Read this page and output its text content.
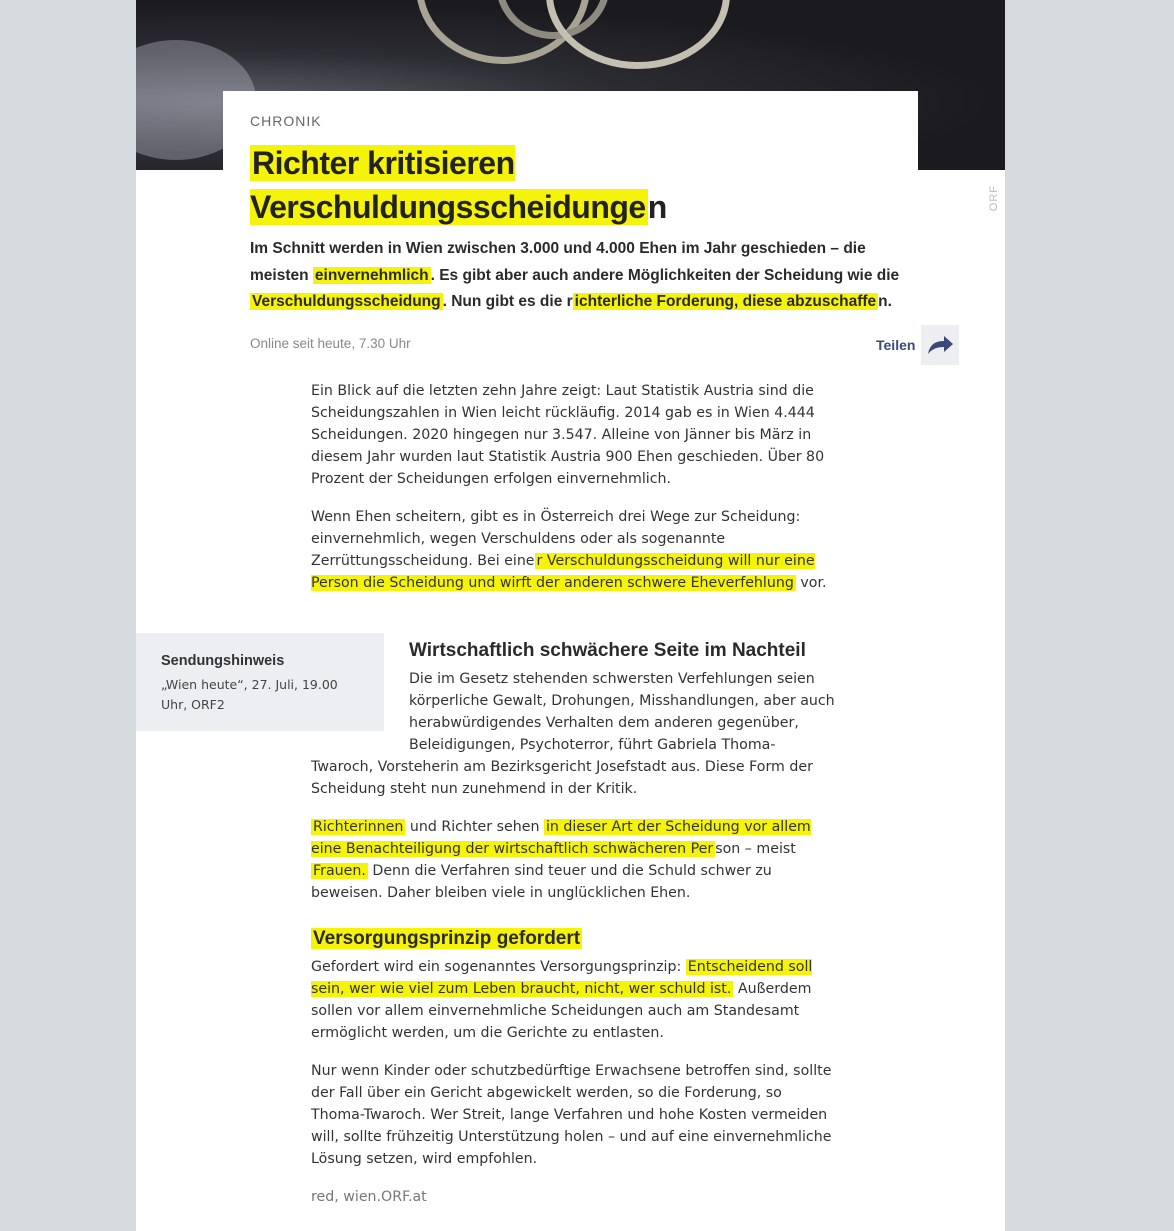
ORF
CHRONIK
Richter kritisieren Verschuldungsscheidungen

Im Schnitt werden in Wien zwischen 3.000 und 4.000 Ehen im Jahr geschieden – die meisten einvernehmlich . Es gibt aber auch andere Möglichkeiten der Scheidung wie die Verschuldungsscheidung . Nun gibt es die r ichterliche Forderung, diese abzuschaffe n.

Online seit heute, 7.30 Uhr	Teilen

Ein Blick auf die letzten zehn Jahre zeigt: Laut Statistik Austria sind die Scheidungszahlen in Wien leicht rückläufig. 2014 gab es in Wien 4.444 Scheidungen. 2020 hingegen nur 3.547. Alleine von Jänner bis März in diesem Jahr wurden laut Statistik Austria 900 Ehen geschieden. Über 80 Prozent der Scheidungen erfolgen einvernehmlich.

Wenn Ehen scheitern, gibt es in Österreich drei Wege zur Scheidung: einvernehmlich, wegen Verschuldens oder als sogenannte Zerrüttungsscheidung. Bei eine r Verschuldungsscheidung will nur eine Person die Scheidung und wirft der anderen schwere Eheverfehlung vor.

Sendungshinweis
„Wien heute“, 27. Juli, 19.00 Uhr, ORF2
Wirtschaftlich schwächere Seite im Nachteil

Die im Gesetz stehenden schwersten Verfehlungen seien körperliche Gewalt, Drohungen, Misshandlungen, aber auch herabwürdigendes Verhalten dem anderen gegenüber, Beleidigungen, Psychoterror, führt Gabriela Thoma-Twaroch, Vorsteherin am Bezirksgericht Josefstadt aus. Diese Form der Scheidung steht nun zunehmend in der Kritik.

Richterinnen und Richter sehen in dieser Art der Scheidung vor allem eine Benachteiligung der wirtschaftlich schwächeren Per son – meist Frauen. Denn die Verfahren sind teuer und die Schuld schwer zu beweisen. Daher bleiben viele in unglücklichen Ehen.

Versorgungsprinzip gefordert

Gefordert wird ein sogenanntes Versorgungsprinzip: Entscheidend soll sein, wer wie viel zum Leben braucht, nicht, wer schuld ist. Außerdem sollen vor allem einvernehmliche Scheidungen auch am Standesamt ermöglicht werden, um die Gerichte zu entlasten.

Nur wenn Kinder oder schutzbedürftige Erwachsene betroffen sind, sollte der Fall über ein Gericht abgewickelt werden, so die Forderung, so Thoma-Twaroch. Wer Streit, lange Verfahren und hohe Kosten vermeiden will, sollte frühzeitig Unterstützung holen – und auf eine einvernehmliche Lösung setzen, wird empfohlen.

red, wien.ORF.at
